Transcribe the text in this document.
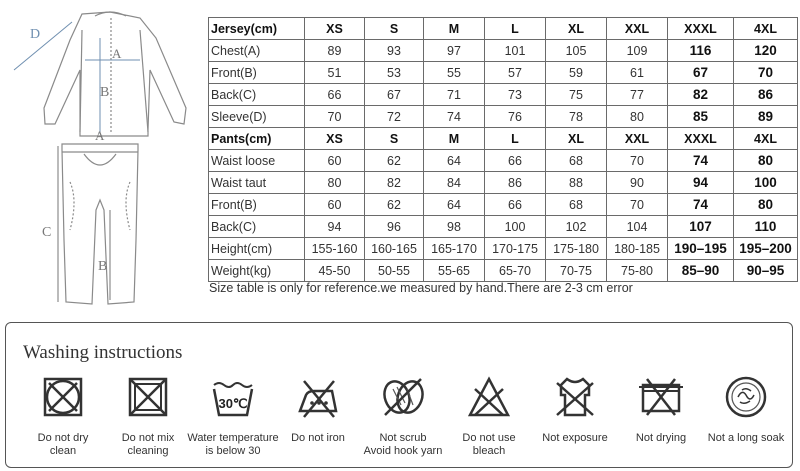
D
A
B
A
C
B
Jersey(cm)	XS	S	M	L	XL	XXL	XXXL	4XL
Chest(A)	89	93	97	101	105	109	116	120
Front(B)	51	53	55	57	59	61	67	70
Back(C)	66	67	71	73	75	77	82	86
Sleeve(D)	70	72	74	76	78	80	85	89
Pants(cm)	XS	S	M	L	XL	XXL	XXXL	4XL
Waist loose	60	62	64	66	68	70	74	80
Waist taut	80	82	84	86	88	90	94	100
Front(B)	60	62	64	66	68	70	74	80
Back(C)	94	96	98	100	102	104	107	110
Height(cm)	155-160	160-165	165-170	170-175	175-180	180-185	190–195	195–200
Weight(kg)	45-50	50-55	55-65	65-70	70-75	75-80	85–90	90–95
Size table is only for reference.we measured by hand.There are 2-3 cm error
Washing instructions
Do not dry
clean
Do not mix
cleaning
30℃
Water temperature
is below 30
Do not iron	Not scrub
Avoid hook yarn
Do not use
bleach
Not exposure	Not drying	Not a long soak
